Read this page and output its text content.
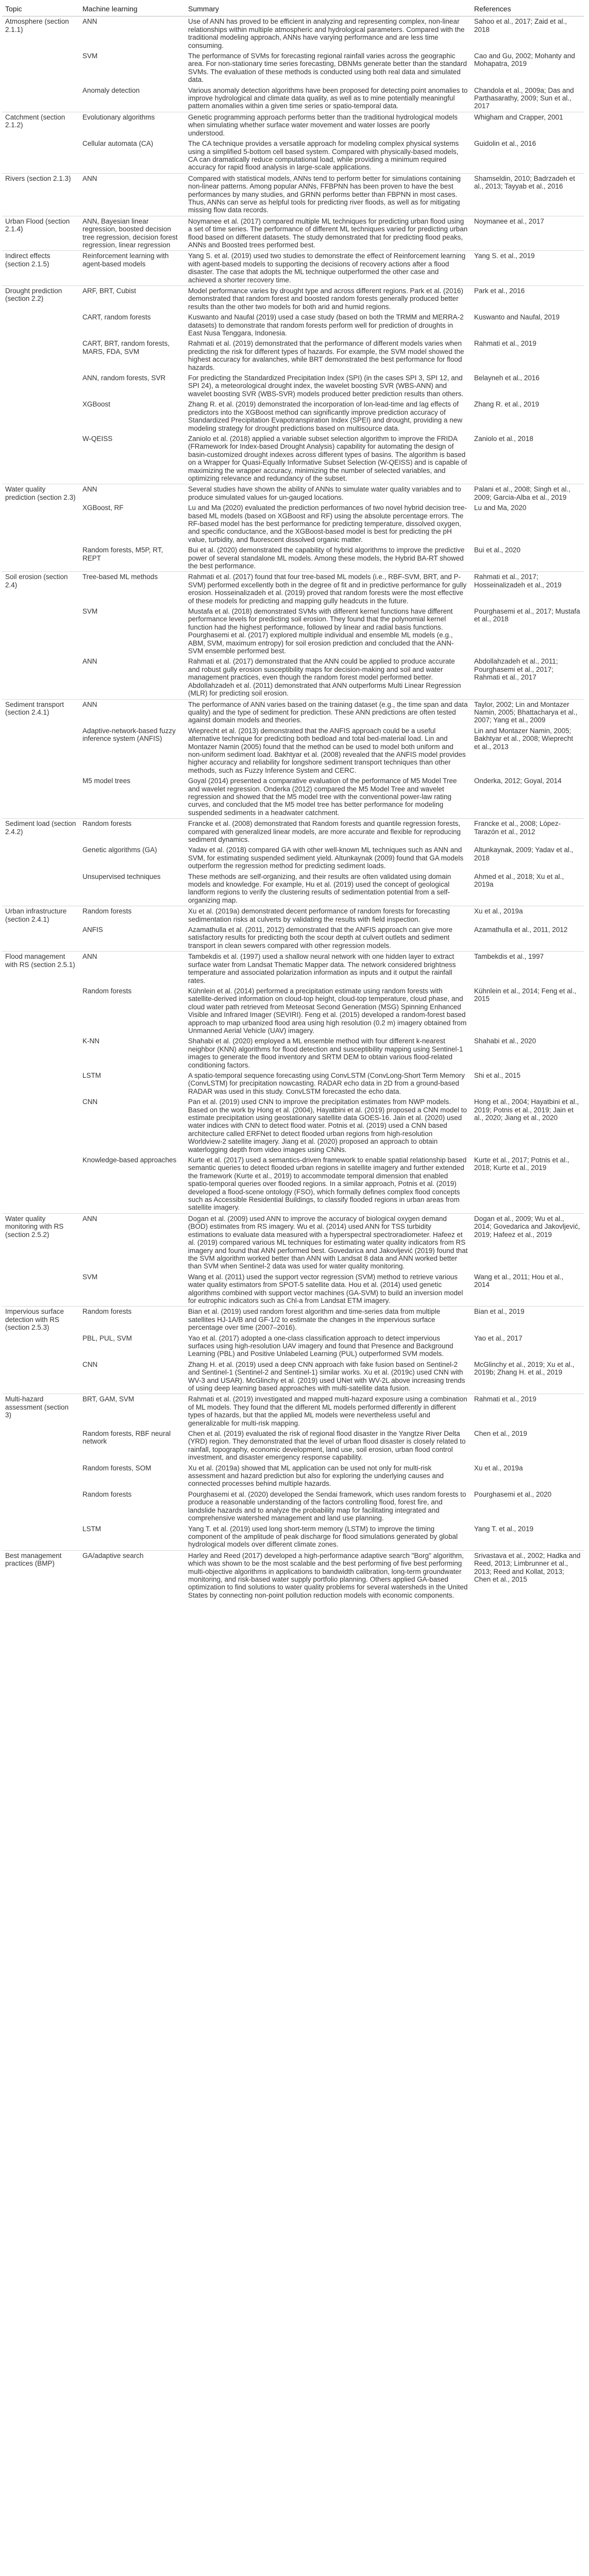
Topic	Machine learning	Summary	References
Atmosphere (section 2.1.1)	ANN	Use of ANN has proved to be efficient in analyzing and representing complex, non-linear relationships within multiple atmospheric and hydrological parameters. Compared with the traditional modeling approach, ANNs have varying performance and are less time consuming.	Sahoo et al., 2017; Zaid et al., 2018
	SVM	The performance of SVMs for forecasting regional rainfall varies across the geographic area. For non-stationary time series forecasting, DBNMs generate better than the standard SVMs. The evaluation of these methods is conducted using both real data and simulated data.	Cao and Gu, 2002; Mohanty and Mohapatra, 2019
	Anomaly detection	Various anomaly detection algorithms have been proposed for detecting point anomalies to improve hydrological and climate data quality, as well as to mine potentially meaningful pattern anomalies within a given time series or spatio-temporal data.	Chandola et al., 2009a; Das and Parthasarathy, 2009; Sun et al., 2017
Catchment (section 2.1.2)	Evolutionary algorithms	Genetic programming approach performs better than the traditional hydrological models when simulating whether surface water movement and water losses are poorly understood.	Whigham and Crapper, 2001
	Cellular automata (CA)	The CA technique provides a versatile approach for modeling complex physical systems using a simplified 5-bottom cell based system. Compared with physically-based models, CA can dramatically reduce computational load, while providing a minimum required accuracy for rapid flood analysis in large-scale applications.	Guidolin et al., 2016
Rivers (section 2.1.3)	ANN	Compared with statistical models, ANNs tend to perform better for simulations containing non-linear patterns. Among popular ANNs, FFBPNN has been proven to have the best performances by many studies, and GRNN performs better than FBPNN in most cases. Thus, ANNs can serve as helpful tools for predicting river floods, as well as for mitigating missing flow data records.	Shamseldin, 2010; Badrzadeh et al., 2013; Tayyab et al., 2016
Urban Flood (section 2.1.4)	ANN, Bayesian linear regression, boosted decision tree regression, decision forest regression, linear regression	Noymanee et al. (2017) compared multiple ML techniques for predicting urban flood using a set of time series. The performance of different ML techniques varied for predicting urban flood based on different datasets. The study demonstrated that for predicting flood peaks, ANNs and Boosted trees performed best.	Noymanee et al., 2017
Indirect effects (section 2.1.5)	Reinforcement learning with agent-based models	Yang S. et al. (2019) used two studies to demonstrate the effect of Reinforcement learning with agent-based models to supporting the decisions of recovery actions after a flood disaster. The case that adopts the ML technique outperformed the other case and achieved a shorter recovery time.	Yang S. et al., 2019
Drought prediction (section 2.2)	ARF, BRT, Cubist	Model performance varies by drought type and across different regions. Park et al. (2016) demonstrated that random forest and boosted random forests generally produced better results than the other two models for both arid and humid regions.	Park et al., 2016
	CART, random forests	Kuswanto and Naufal (2019) used a case study (based on both the TRMM and MERRA-2 datasets) to demonstrate that random forests perform well for prediction of droughts in East Nusa Tenggara, Indonesia.	Kuswanto and Naufal, 2019
	CART, BRT, random forests, MARS, FDA, SVM	Rahmati et al. (2019) demonstrated that the performance of different models varies when predicting the risk for different types of hazards. For example, the SVM model showed the highest accuracy for avalanches, while BRT demonstrated the best performance for flood hazards.	Rahmati et al., 2019
	ANN, random forests, SVR	For predicting the Standardized Precipitation Index (SPI) (in the cases SPI 3, SPI 12, and SPI 24), a meteorological drought index, the wavelet boosting SVR (WBS-ANN) and wavelet boosting SVR (WBS-SVR) models produced better prediction results than others.	Belayneh et al., 2016
	XGBoost	Zhang R. et al. (2019) demonstrated the incorporation of lon-lead-time and lag effects of predictors into the XGBoost method can significantly improve prediction accuracy of Standardized Precipitation Evapotranspiration Index (SPEI) and drought, providing a new modeling strategy for drought predictions based on multisource data.	Zhang R. et al., 2019
	W-QEISS	Zaniolo et al. (2018) applied a variable subset selection algorithm to improve the FRIDA (FRamework for Index-based Drought Analysis) capability for automating the design of basin-customized drought indexes across different types of basins. The algorithm is based on a Wrapper for Quasi-Equally Informative Subset Selection (W-QEISS) and is capable of maximizing the wrapper accuracy, minimizing the number of selected variables, and optimizing relevance and redundancy of the subset.	Zaniolo et al., 2018
Water quality prediction (section 2.3)	ANN	Several studies have shown the ability of ANNs to simulate water quality variables and to produce simulated values for un-gauged locations.	Palani et al., 2008; Singh et al., 2009; Garcia-Alba et al., 2019
	XGBoost, RF	Lu and Ma (2020) evaluated the prediction performances of two novel hybrid decision tree-based ML models (based on XGBoost and RF) using the absolute percentage errors. The RF-based model has the best performance for predicting temperature, dissolved oxygen, and specific conductance, and the XGBoost-based model is best for predicting the pH value, turbidity, and fluorescent dissolved organic matter.	Lu and Ma, 2020
	Random forests, M5P, RT, REPT	Bui et al. (2020) demonstrated the capability of hybrid algorithms to improve the predictive power of several standalone ML models. Among these models, the Hybrid BA-RT showed the best performance.	Bui et al., 2020
Soil erosion (section 2.4)	Tree-based ML methods	Rahmati et al. (2017) found that four tree-based ML models (i.e., RBF-SVM, BRT, and P-SVM) performed excellently both in the degree of fit and in predictive performance for gully erosion. Hosseinalizadeh et al. (2019) proved that random forests were the most effective of these models for predicting and mapping gully headcuts in the future.	Rahmati et al., 2017; Hosseinalizadeh et al., 2019
	SVM	Mustafa et al. (2018) demonstrated SVMs with different kernel functions have different performance levels for predicting soil erosion. They found that the polynomial kernel function had the highest performance, followed by linear and radial basis functions. Pourghasemi et al. (2017) explored multiple individual and ensemble ML models (e.g., ABM, SVM, maximum entropy) for soil erosion prediction and concluded that the ANN-SVM ensemble performed best.	Pourghasemi et al., 2017; Mustafa et al., 2018
	ANN	Rahmati et al. (2017) demonstrated that the ANN could be applied to produce accurate and robust gully erosion susceptibility maps for decision-making and soil and water management practices, even though the random forest model performed better. Abdollahzadeh et al. (2011) demonstrated that ANN outperforms Multi Linear Regression (MLR) for predicting soil erosion.	Abdollahzadeh et al., 2011; Pourghasemi et al., 2017; Rahmati et al., 2017
Sediment transport (section 2.4.1)	ANN	The performance of ANN varies based on the training dataset (e.g., the time span and data quality) and the type of sediment for prediction. These ANN predictions are often tested against domain models and theories.	Taylor, 2002; Lin and Montazer Namin, 2005; Bhattacharya et al., 2007; Yang et al., 2009
	Adaptive-network-based fuzzy inference system (ANFIS)	Wieprecht et al. (2013) demonstrated that the ANFIS approach could be a useful alternative technique for predicting both bedload and total bed-material load. Lin and Montazer Namin (2005) found that the method can be used to model both uniform and non-uniform sediment load. Bakhtyar et al. (2008) revealed that the ANFIS model provides higher accuracy and reliability for longshore sediment transport techniques than other methods, such as Fuzzy Inference System and CERC.	Lin and Montazer Namin, 2005; Bakhtyar et al., 2008; Wieprecht et al., 2013
	M5 model trees	Goyal (2014) presented a comparative evaluation of the performance of M5 Model Tree and wavelet regression. Onderka (2012) compared the M5 Model Tree and wavelet regression and showed that the M5 model tree with the conventional power-law rating curves, and concluded that the M5 model tree has better performance for modeling suspended sediments in a headwater catchment.	Onderka, 2012; Goyal, 2014
Sediment load (section 2.4.2)	Random forests	Francke et al. (2008) demonstrated that Random forests and quantile regression forests, compared with generalized linear models, are more accurate and flexible for reproducing sediment dynamics.	Francke et al., 2008; López-Tarazón et al., 2012
	Genetic algorithms (GA)	Yadav et al. (2018) compared GA with other well-known ML techniques such as ANN and SVM, for estimating suspended sediment yield. Altunkaynak (2009) found that GA models outperform the regression method for predicting sediment loads.	Altunkaynak, 2009; Yadav et al., 2018
	Unsupervised techniques	These methods are self-organizing, and their results are often validated using domain models and knowledge. For example, Hu et al. (2019) used the concept of geological landform regions to verify the clustering results of sedimentation potential from a self-organizing map.	Ahmed et al., 2018; Xu et al., 2019a
Urban infrastructure (section 2.4.1)	Random forests	Xu et al. (2019a) demonstrated decent performance of random forests for forecasting sedimentation risks at culverts by validating the results with field inspection.	Xu et al., 2019a
	ANFIS	Azamathulla et al. (2011, 2012) demonstrated that the ANFIS approach can give more satisfactory results for predicting both the scour depth at culvert outlets and sediment transport in clean sewers compared with other regression models.	Azamathulla et al., 2011, 2012
Flood management with RS (section 2.5.1)	ANN	Tambekdis et al. (1997) used a shallow neural network with one hidden layer to extract surface water from Landsat Thematic Mapper data. The network considered brightness temperature and associated polarization information as inputs and it output the rainfall rates.	Tambekdis et al., 1997
	Random forests	Kühnlein et al. (2014) performed a precipitation estimate using random forests with satellite-derived information on cloud-top height, cloud-top temperature, cloud phase, and cloud water path retrieved from Meteosat Second Generation (MSG) Spinning Enhanced Visible and Infrared Imager (SEVIRI). Feng et al. (2015) developed a random-forest based approach to map urbanized flood area using high resolution (0.2 m) imagery obtained from Unmanned Aerial Vehicle (UAV) imagery.	Kühnlein et al., 2014; Feng et al., 2015
	K-NN	Shahabi et al. (2020) employed a ML ensemble method with four different k-nearest neighbor (KNN) algorithms for flood detection and susceptibility mapping using Sentinel-1 images to generate the flood inventory and SRTM DEM to obtain various flood-related conditioning factors.	Shahabi et al., 2020
	LSTM	A spatio-temporal sequence forecasting using ConvLSTM (ConvLong-Short Term Memory (ConvLSTM) for precipitation nowcasting. RADAR echo data in 2D from a ground-based RADAR was used in this study. ConvLSTM forecasted the echo data.	Shi et al., 2015
	CNN	Pan et al. (2019) used CNN to improve the precipitation estimates from NWP models. Based on the work by Hong et al. (2004), Hayatbini et al. (2019) proposed a CNN model to estimate precipitation using geostationary satellite data GOES-16. Jain et al. (2020) used water indices with CNN to detect flood water. Potnis et al. (2019) used a CNN based architecture called ERFNet to detect flooded urban regions from high-resolution Worldview-2 satellite imagery. Jiang et al. (2020) proposed an approach to obtain waterlogging depth from video images using CNNs.	Hong et al., 2004; Hayatbini et al., 2019; Potnis et al., 2019; Jain et al., 2020; Jiang et al., 2020
	Knowledge-based approaches	Kurte et al. (2017) used a semantics-driven framework to enable spatial relationship based semantic queries to detect flooded urban regions in satellite imagery and further extended the framework (Kurte et al., 2019) to accommodate temporal dimension that enabled spatio-temporal queries over flooded regions. In a similar approach, Potnis et al. (2019) developed a flood-scene ontology (FSO), which formally defines complex flood concepts such as Accessible Residential Buildings, to classify flooded regions in urban areas from satellite imagery.	Kurte et al., 2017; Potnis et al., 2018; Kurte et al., 2019
Water quality monitoring with RS (section 2.5.2)	ANN	Dogan et al. (2009) used ANN to improve the accuracy of biological oxygen demand (BOD) estimates from RS imagery. Wu et al. (2014) used ANN for TSS turbidity estimations to evaluate data measured with a hyperspectral spectroradiometer. Hafeez et al. (2019) compared various ML techniques for estimating water quality indicators from RS imagery and found that ANN performed best. Govedarica and Jakovljević (2019) found that the SVM algorithm worked better than ANN with Landsat 8 data and ANN worked better than SVM when Sentinel-2 data was used for water quality monitoring.	Dogan et al., 2009; Wu et al., 2014; Govedarica and Jakovljević, 2019; Hafeez et al., 2019
	SVM	Wang et al. (2011) used the support vector regression (SVM) method to retrieve various water quality estimators from SPOT-5 satellite data. Hou et al. (2014) used genetic algorithms combined with support vector machines (GA-SVM) to build an inversion model for eutrophic indicators such as Chl-a from Landsat ETM imagery.	Wang et al., 2011; Hou et al., 2014
Impervious surface detection with RS (section 2.5.3)	Random forests	Bian et al. (2019) used random forest algorithm and time-series data from multiple satellites HJ-1A/B and GF-1/2 to estimate the changes in the impervious surface percentage over time (2007–2016).	Bian et al., 2019
	PBL, PUL, SVM	Yao et al. (2017) adopted a one-class classification approach to detect impervious surfaces using high-resolution UAV imagery and found that Presence and Background Learning (PBL) and Positive Unlabeled Learning (PUL) outperformed SVM models.	Yao et al., 2017
	CNN	Zhang H. et al. (2019) used a deep CNN approach with fake fusion based on Sentinel-2 and Sentinel-1 (Sentinel-2 and Sentinel-1) similar works. Xu et al. (2019c) used CNN with WV-3 and USAR). McGlinchy et al. (2019) used UNet with WV-2L above increasing trends of using deep learning based approaches with multi-satellite data fusion.	McGlinchy et al., 2019; Xu et al., 2019b; Zhang H. et al., 2019
Multi-hazard assessment (section 3)	BRT, GAM, SVM	Rahmati et al. (2019) investigated and mapped multi-hazard exposure using a combination of ML models. They found that the different ML models performed differently in different types of hazards, but that the applied ML models were nevertheless useful and generalizable for multi-risk mapping.	Rahmati et al., 2019
	Random forests, RBF neural network	Chen et al. (2019) evaluated the risk of regional flood disaster in the Yangtze River Delta (YRD) region. They demonstrated that the level of urban flood disaster is closely related to rainfall, topography, economic development, land use, soil erosion, urban flood control investment, and disaster emergency response capability.	Chen et al., 2019
	Random forests, SOM	Xu et al. (2019a) showed that ML application can be used not only for multi-risk assessment and hazard prediction but also for exploring the underlying causes and connected processes behind multiple hazards.	Xu et al., 2019a
	Random forests	Pourghasemi et al. (2020) developed the Sendai framework, which uses random forests to produce a reasonable understanding of the factors controlling flood, forest fire, and landslide hazards and to analyze the probability map for facilitating integrated and comprehensive watershed management and land use planning.	Pourghasemi et al., 2020
	LSTM	Yang T. et al. (2019) used long short-term memory (LSTM) to improve the timing component of the amplitude of peak discharge for flood simulations generated by global hydrological models over different climate zones.	Yang T. et al., 2019
Best management practices (BMP)	GA/adaptive search	Harley and Reed (2017) developed a high-performance adaptive search "Borg" algorithm, which was shown to be the most scalable and the best performing of five best performing multi-objective algorithms in applications to bandwidth calibration, long-term groundwater monitoring, and risk-based water supply portfolio planning. Others applied GA-based optimization to find solutions to water quality problems for several watersheds in the United States by connecting non-point pollution reduction models with economic components.	Srivastava et al., 2002; Hadka and Reed, 2013; Limbrunner et al., 2013; Reed and Kollat, 2013; Chen et al., 2015
